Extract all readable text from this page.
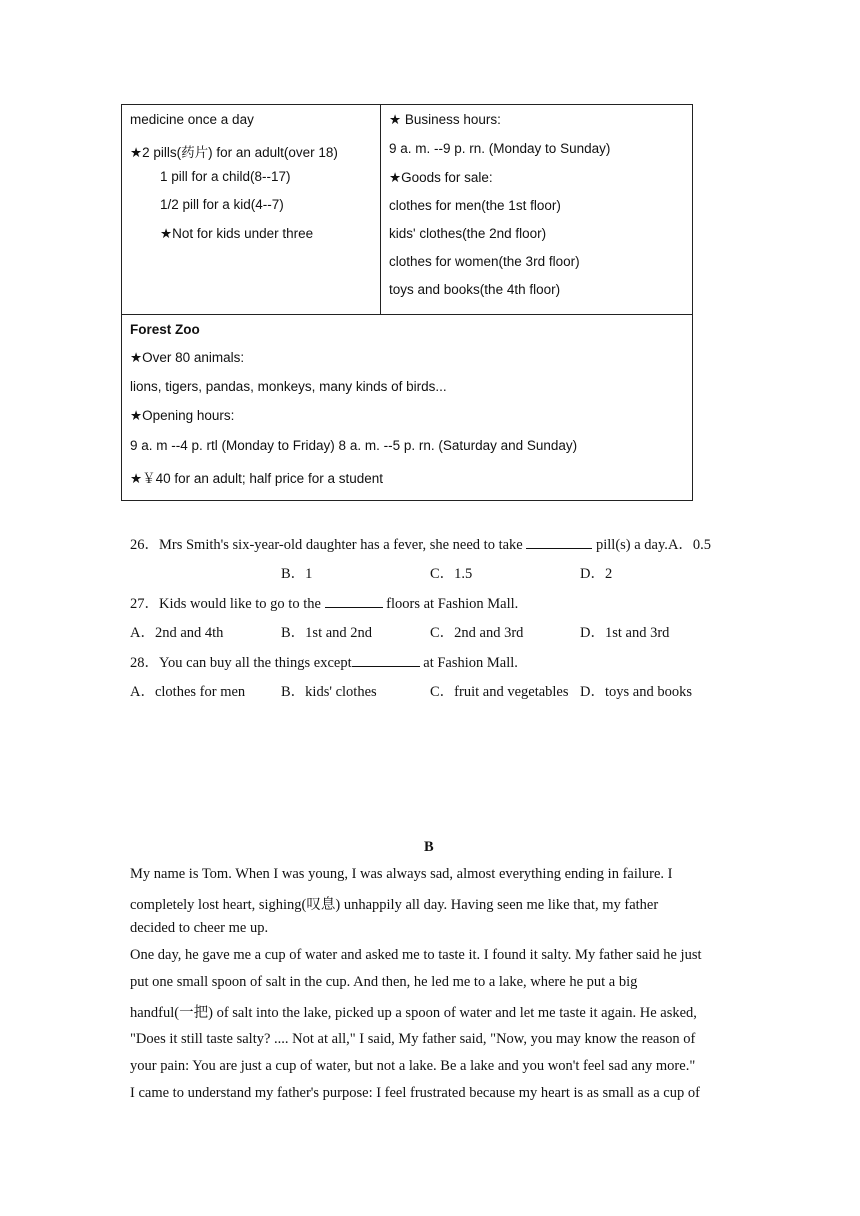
medicine once a day
★2 pills(药片) for an adult(over 18)
1 pill for a child(8--17)
1/2 pill for a kid(4--7)
★Not for kids under three

★ Business hours:
9 a. m. --9 p. rn. (Monday to Sunday)
★Goods for sale:
clothes for men(the 1st floor)
kids' clothes(the 2nd floor)
clothes for women(the 3rd floor)
toys and books(the 4th floor)

Forest Zoo
★Over 80 animals:
lions, tigers, pandas, monkeys, many kinds of birds...
★Opening hours:
9 a. m --4 p. rtl (Monday to Friday) 8 a. m. --5 p. rn. (Saturday and Sunday)
★￥40 for an adult; half price for a student
26．Mrs Smith's six-year-old daughter has a fever, she need to take	pill(s) a day.A．0.5
B．1	C．1.5	D．2
27．Kids would like to go to the	floors at Fashion Mall.
A．2nd and 4th	B．1st and 2nd	C．2nd and 3rd	D．1st and 3rd
28．You can buy all the things except	at Fashion Mall.
A．clothes for men B．kids' clothes	C．fruit and vegetables D．toys and books
B
My name is Tom. When I was young, I was always sad, almost everything ending in failure. I
completely lost heart, sighing(叹息) unhappily all day. Having seen me like that, my father
decided to cheer me up.
One day, he gave me a cup of water and asked me to taste it. I found it salty. My father said he just
put one small spoon of salt in the cup. And then, he led me to a lake, where he put a big
handful(一把) of salt into the lake, picked up a spoon of water and let me taste it again. He asked,
"Does it still taste salty? .... Not at all," I said, My father said, "Now, you may know the reason of
your pain: You are just a cup of water, but not a lake. Be a lake and you won't feel sad any more."
I came to understand my father's purpose: I feel frustrated because my heart is as small as a cup of
